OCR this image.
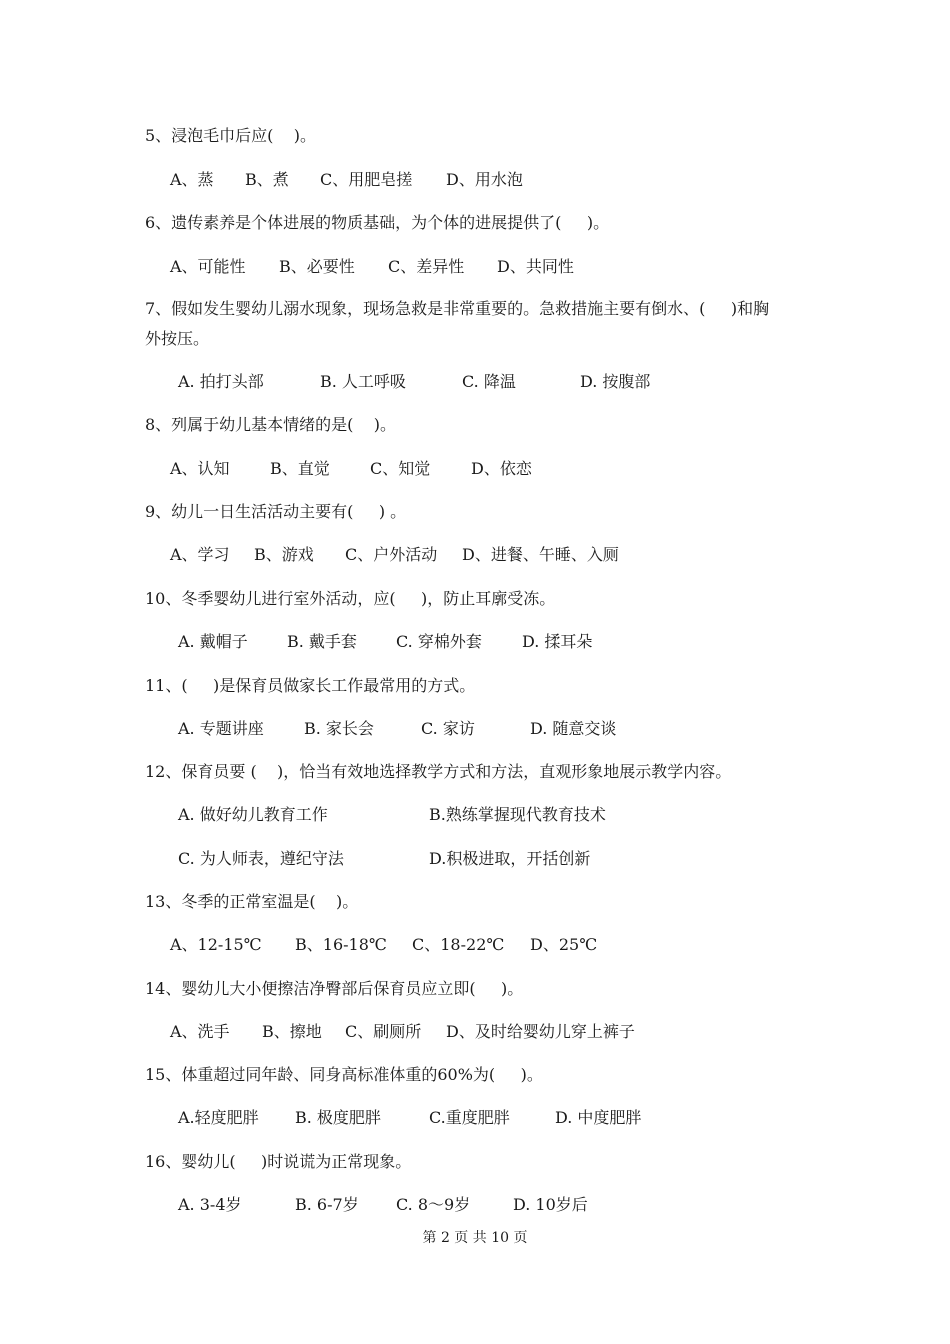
5、浸泡毛巾后应(    )。
A、蒸 B、煮 C、用肥皂搓 D、用水泡
6、遗传素养是个体进展的物质基础，为个体的进展提供了(     )。
A、可能性 B、必要性 C、差异性 D、共同性
7、假如发生婴幼儿溺水现象，现场急救是非常重要的。急救措施主要有倒水、(     )和胸
外按压。
A. 拍打头部	B. 人工呼吸	C. 降温	D. 按腹部
8、列属于幼儿基本情绪的是(    )。
A、认知	B、直觉	C、知觉	D、依恋
9、幼儿一日生活活动主要有(     ) 。
A、学习 B、游戏 C、户外活动 D、进餐、午睡、入厕
10、冬季婴幼儿进行室外活动，应(     )，防止耳廓受冻。
A. 戴帽子 B. 戴手套 C. 穿棉外套	D. 揉耳朵
11、(     )是保育员做家长工作最常用的方式。
A. 专题讲座	B. 家长会	C. 家访	D. 随意交谈
12、保育员要 (    )，恰当有效地选择教学方式和方法，直观形象地展示教学内容。
A. 做好幼儿教育工作	B.熟练掌握现代教育技术
C. 为人师表，遵纪守法	D.积极进取，开括创新
13、冬季的正常室温是(    )。
A、12-15℃ B、16-18℃ C、18-22℃ D、25℃
14、婴幼儿大小便擦洁净臀部后保育员应立即(     )。
A、洗手 B、擦地 C、刷厕所 D、及时给婴幼儿穿上裤子
15、体重超过同年龄、同身高标准体重的60%为(     )。
A.轻度肥胖 B. 极度肥胖	C.重度肥胖	D. 中度肥胖
16、婴幼儿(     )时说谎为正常现象。
A. 3-4岁	B. 6-7岁 C. 8～9岁	D. 10岁后
第 2 页 共 10 页
